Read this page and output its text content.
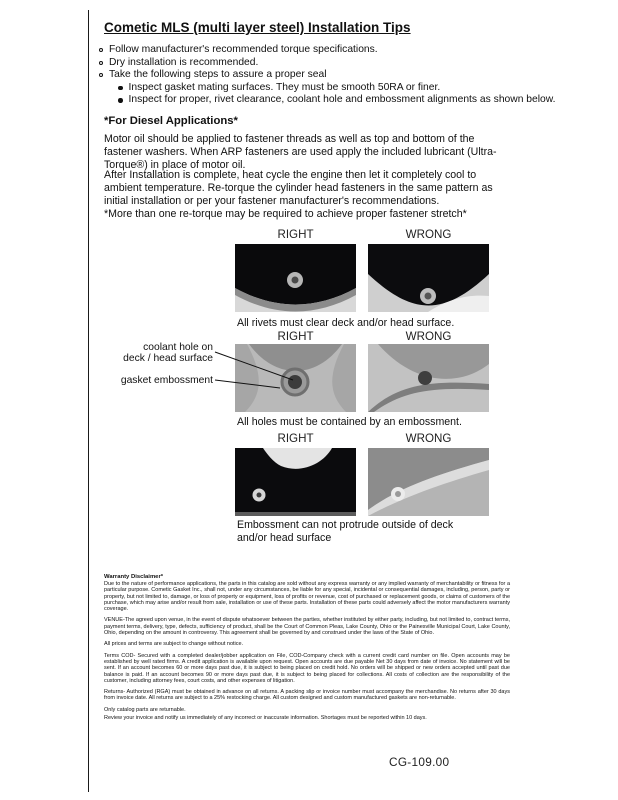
Cometic MLS (multi layer steel) Installation Tips
Follow manufacturer's recommended torque specifications.
Dry installation is recommended.
Take the following steps to assure a proper seal
Inspect gasket mating surfaces. They must be smooth 50RA or finer.
Inspect for proper, rivet clearance, coolant hole and embossment alignments as shown below.
*For Diesel Applications*
Motor oil should be applied to fastener threads as well as top and bottom of the fastener washers. When ARP fasteners are used apply the included lubricant (Ultra-Torque®) in place of motor oil.
After Installation is complete, heat cycle the engine then let it completely cool to ambient temperature. Re-torque the cylinder head fasteners in the same pattern as initial installation or per your fastener manufacturer's recommendations.
*More than one re-torque may be required to achieve proper fastener stretch*
RIGHT	WRONG
All rivets must clear deck and/or head surface.
RIGHT	WRONG
coolant hole on
deck / head surface
gasket embossment
All holes must be contained by an embossment.
RIGHT	WRONG
Embossment can not protrude outside of deck and/or head surface
Warranty Disclaimer*

Due to the nature of performance applications, the parts in this catalog are sold without any express warranty or any implied warranty of merchantability or fitness for a particular purpose. Cometic Gasket Inc., shall not, under any circumstances, be liable for any special, incidental or consequential damages, including, person, party or property, but not limited to, damage, or loss of property or equipment, loss of profits or revenue, cost of purchased or replacement goods, or claims of customers of the purchase, which may arise and/or result from sale, installation or use of these parts. Installation of these parts could adversely affect the motor manufacturers warranty coverage.

VENUE-The agreed upon venue, in the event of dispute whatsoever between the parties, whether instituted by either party, including, but not limited to, contract terms, payment terms, delivery, type, defects, sufficiency of product, shall be the Court of Common Pleas, Lake County, Ohio or the Painesville Municipal Court, Lake County, Ohio, depending on the amount in controversy. This agreement shall be governed by and construed under the laws of the State of Ohio.

All prices and terms are subject to change without notice.

Terms COD- Secured with a completed dealer/jobber application on File, COD-Company check with a current credit card number on file. Open accounts may be established by well rated firms. A credit application is available upon request. Open accounts are due payable Net 30 days from date of invoice. No statement will be sent. If an account becomes 60 or more days past due, it is subject to being placed on credit hold. No orders will be shipped or new orders accepted until past due balance is paid. If an account becomes 90 or more days past due, it is subject to being placed for collections. All costs of collection are the responsibility of the customer, including attorney fees, court costs, and other expenses of litigation.

Returns- Authorized (RGA) must be obtained in advance on all returns. A packing slip or invoice number must accompany the merchandise. No returns after 30 days from invoice date. All returns are subject to a 25% restocking charge. All custom designed and custom manufactured gaskets are non-returnable.

Only catalog parts are returnable.

Review your invoice and notify us immediately of any incorrect or inaccurate information. Shortages must be reported within 10 days.

CG-109.00
